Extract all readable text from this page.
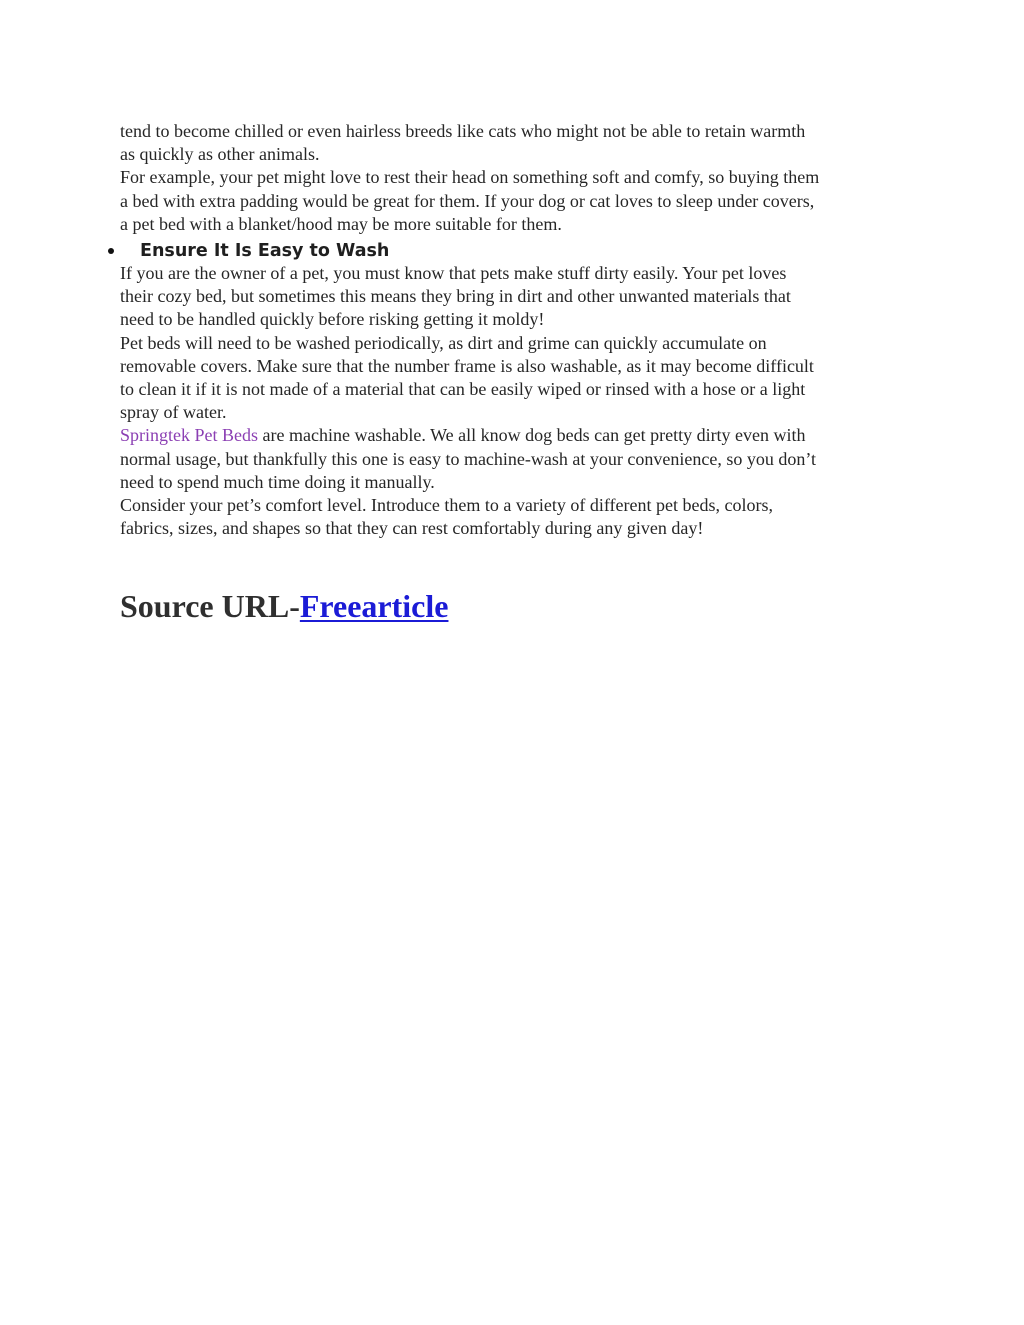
tend to become chilled or even hairless breeds like cats who might not be able to retain warmth
as quickly as other animals.
For example, your pet might love to rest their head on something soft and comfy, so buying them
a bed with extra padding would be great for them. If your dog or cat loves to sleep under covers,
a pet bed with a blanket/hood may be more suitable for them.
Ensure It Is Easy to Wash
If you are the owner of a pet, you must know that pets make stuff dirty easily. Your pet loves
their cozy bed, but sometimes this means they bring in dirt and other unwanted materials that
need to be handled quickly before risking getting it moldy!
Pet beds will need to be washed periodically, as dirt and grime can quickly accumulate on
removable covers. Make sure that the number frame is also washable, as it may become difficult
to clean it if it is not made of a material that can be easily wiped or rinsed with a hose or a light
spray of water.
Springtek Pet Beds are machine washable. We all know dog beds can get pretty dirty even with
normal usage, but thankfully this one is easy to machine-wash at your convenience, so you don’t
need to spend much time doing it manually.
Consider your pet’s comfort level. Introduce them to a variety of different pet beds, colors,
fabrics, sizes, and shapes so that they can rest comfortably during any given day!
Source URL-Freearticle
